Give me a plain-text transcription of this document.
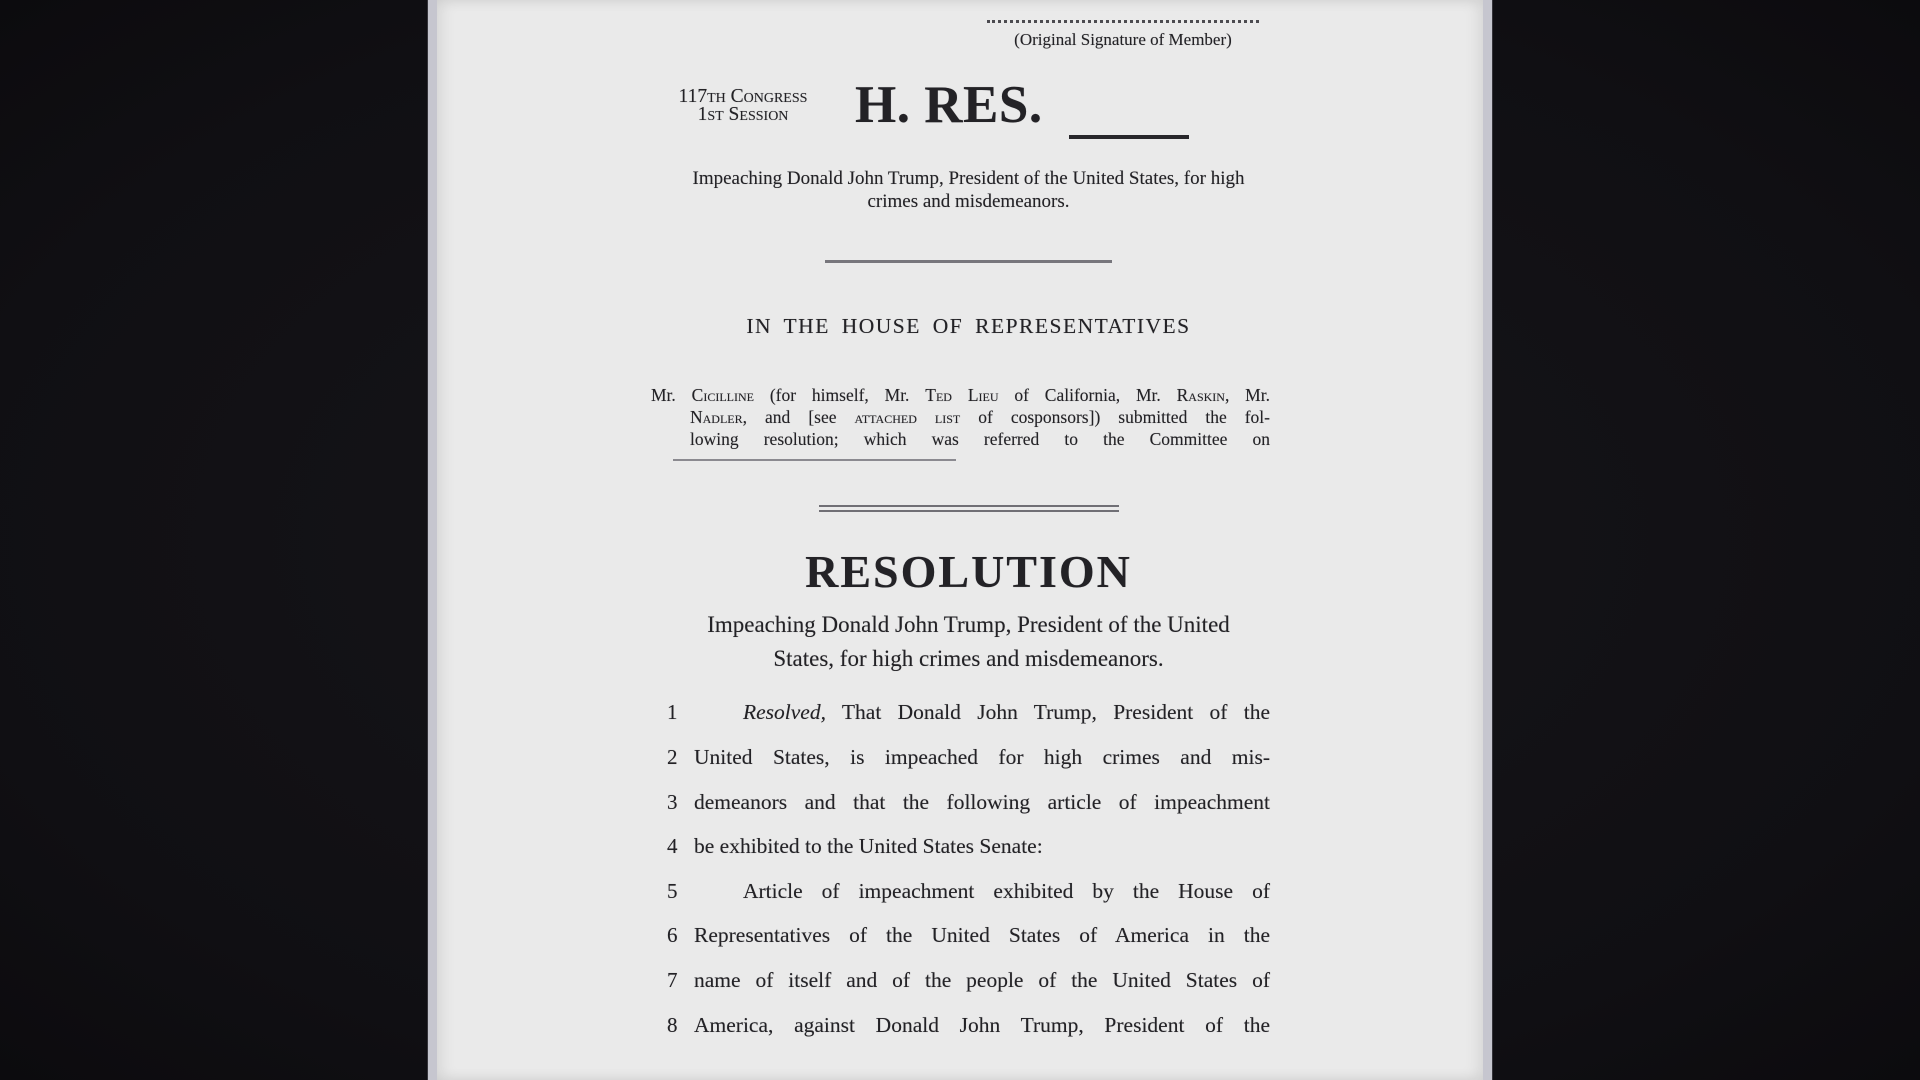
(Original Signature of Member)
117th Congress
1st Session	H. RES.
Impeaching Donald John Trump, President of the United States, for high
crimes and misdemeanors.
IN THE HOUSE OF REPRESENTATIVES
Mr. Cicilline (for himself, Mr. Ted Lieu of California, Mr. Raskin, Mr.
Nadler, and [see attached list of cosponsors]) submitted the fol-
lowing resolution; which was referred to the Committee on
RESOLUTION
Impeaching Donald John Trump, President of the United
States, for high crimes and misdemeanors.
1	Resolved, That Donald John Trump, President of the
2 United States, is impeached for high crimes and mis-
3 demeanors and that the following article of impeachment
4 be exhibited to the United States Senate:
5	Article of impeachment exhibited by the House of
6 Representatives of the United States of America in the
7 name of itself and of the people of the United States of
8 America, against Donald John Trump, President of the
